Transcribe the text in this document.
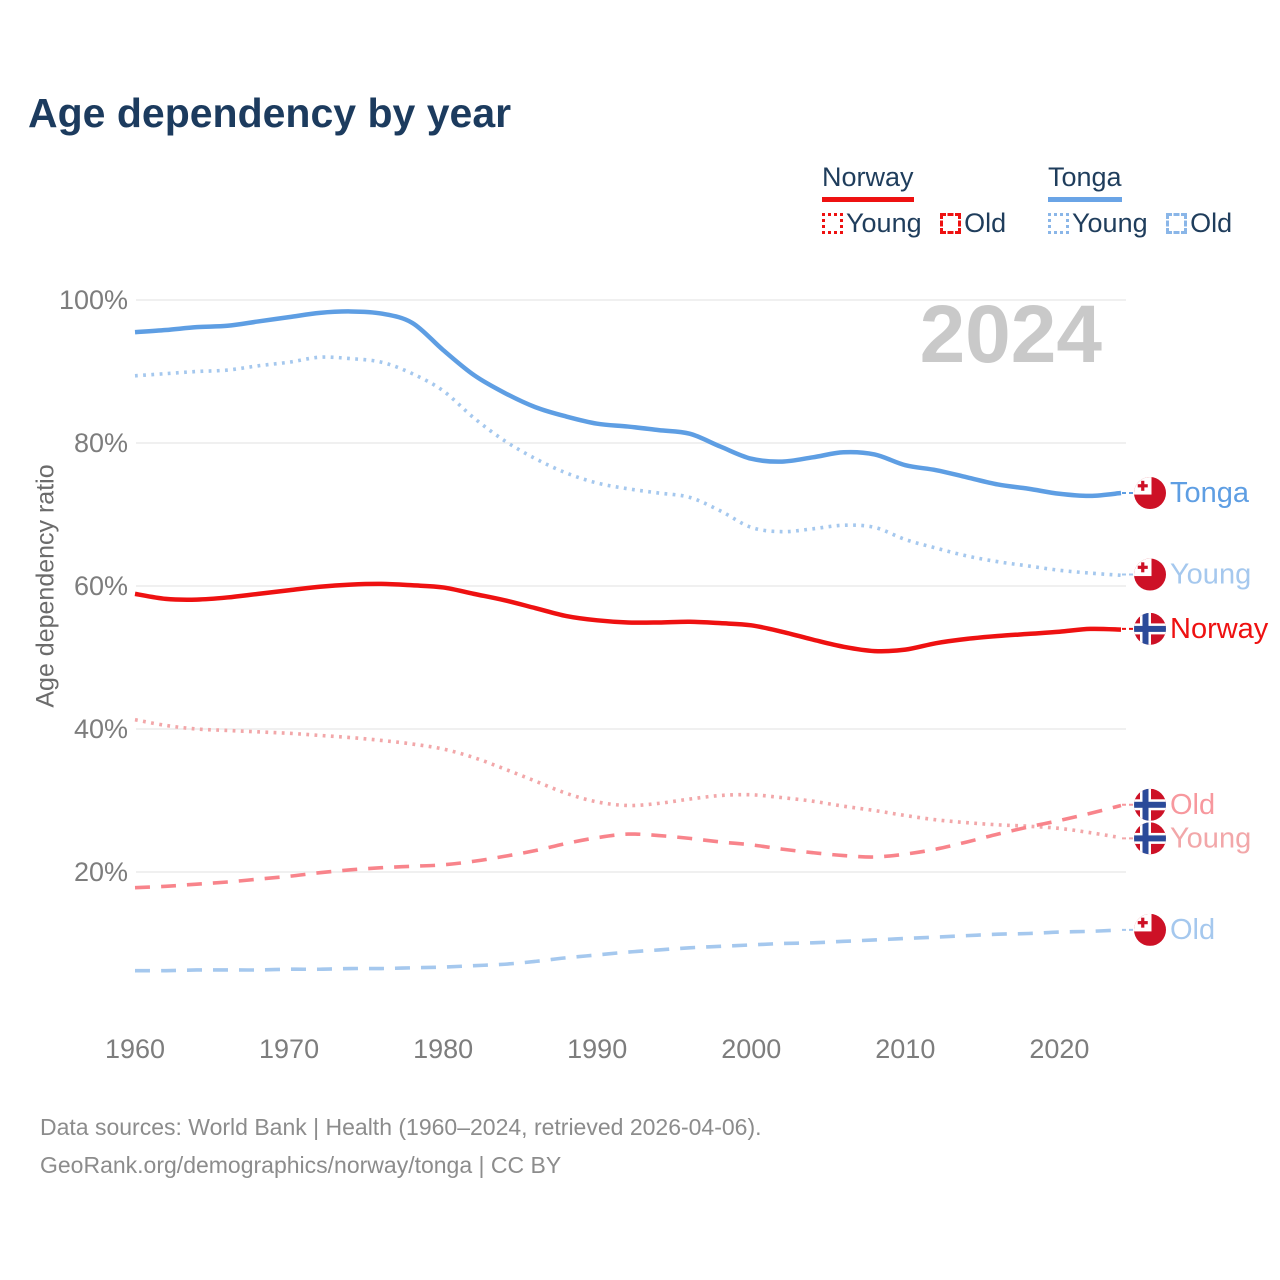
Age dependency by year
Norway
Young
Old
Tonga
Young
Old
Age dependency ratio
100%
80%
60%
40%
20%
1960	1970	1980	1990	2000	2010	2020
2024
Tonga
Young
Norway
Old
Young
Old
Data sources: World Bank | Health (1960–2024, retrieved 2026-04-06).
GeoRank.org/demographics/norway/tonga | CC BY
